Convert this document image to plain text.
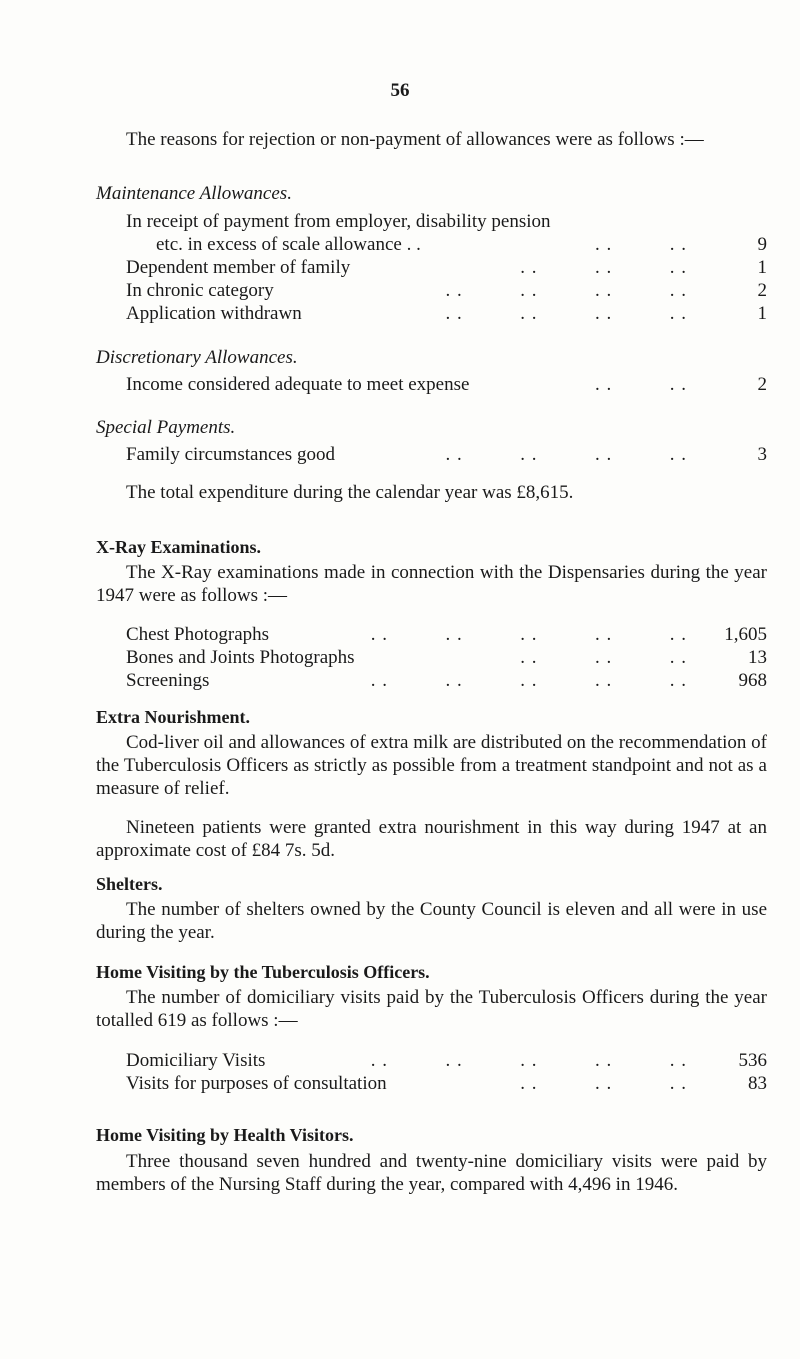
56
The reasons for rejection or non-payment of allowances were as follows :—
Maintenance Allowances.
In receipt of payment from employer, disability pension
etc. in excess of scale allowance . .	. .          . .	9
Dependent member of family	. .          . .          . .	1
In chronic category	. .          . .          . .          . .	2
Application withdrawn	. .          . .          . .          . .	1
Discretionary Allowances.
Income considered adequate to meet expense	. .          . .	2
Special Payments.
Family circumstances good	. .          . .          . .          . .	3
The total expenditure during the calendar year was £8,615.
X-Ray Examinations.
The X-Ray examinations made in connection with the Dispensaries during the year 1947 were as follows :—
Chest Photographs	. .          . .          . .          . .          . . 1,605
Bones and Joints Photographs	. .          . .          . .	13
Screenings	. .          . .          . .          . .          . .	968
Extra Nourishment.
Cod-liver oil and allowances of extra milk are distributed on the recommendation of the Tuberculosis Officers as strictly as possible from a treatment standpoint and not as a measure of relief.
Nineteen patients were granted extra nourishment in this way during 1947 at an approximate cost of £84 7s. 5d.
Shelters.
The number of shelters owned by the County Council is eleven and all were in use during the year.
Home Visiting by the Tuberculosis Officers.
The number of domiciliary visits paid by the Tuberculosis Officers during the year totalled 619 as follows :—
Domiciliary Visits	. .          . .          . .          . .          . .	536
Visits for purposes of consultation	. .          . .          . .	83
Home Visiting by Health Visitors.
Three thousand seven hundred and twenty-nine domiciliary visits were paid by members of the Nursing Staff during the year, compared with 4,496 in 1946.
